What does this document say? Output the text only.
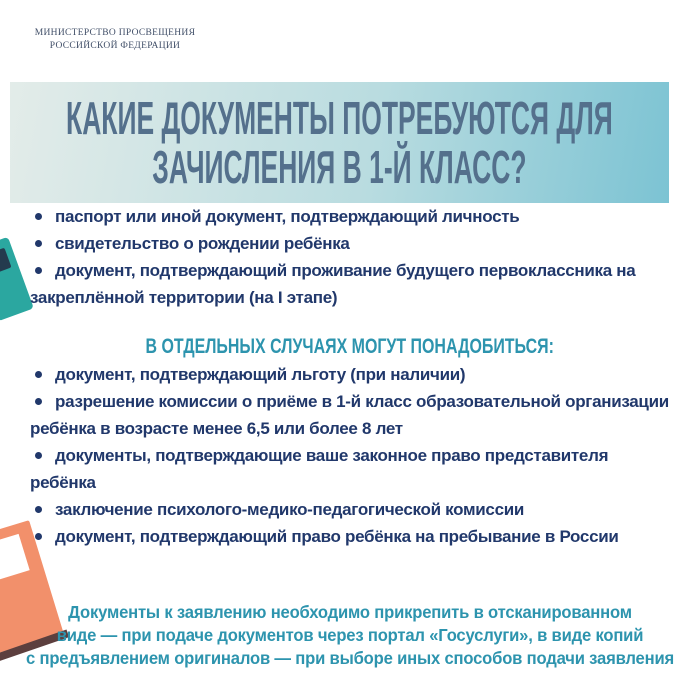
МИНИСТЕРСТВО ПРОСВЕЩЕНИЯ
РОССИЙСКОЙ ФЕДЕРАЦИИ
КАКИЕ ДОКУМЕНТЫ ПОТРЕБУЮТСЯ ДЛЯ
ЗАЧИСЛЕНИЯ В 1-Й КЛАСС?

паспорт или иной документ, подтверждающий личность

свидетельство о рождении ребёнка

документ, подтверждающий проживание будущего первоклассника на закреплённой территории (на I этапе)

В ОТДЕЛЬНЫХ СЛУЧАЯХ МОГУТ ПОНАДОБИТЬСЯ:

документ, подтверждающий льготу (при наличии)

разрешение комиссии о приёме в 1-й класс образовательной организации ребёнка в возрасте менее 6,5 или более 8 лет

документы, подтверждающие ваше законное право представителя ребёнка

заключение психолого-медико-педагогической комиссии

документ, подтверждающий право ребёнка на пребывание в России

Документы к заявлению необходимо прикрепить в отсканированном
виде — при подаче документов через портал «Госуслуги», в виде копий
с предъявлением оригиналов — при выборе иных способов подачи заявления
